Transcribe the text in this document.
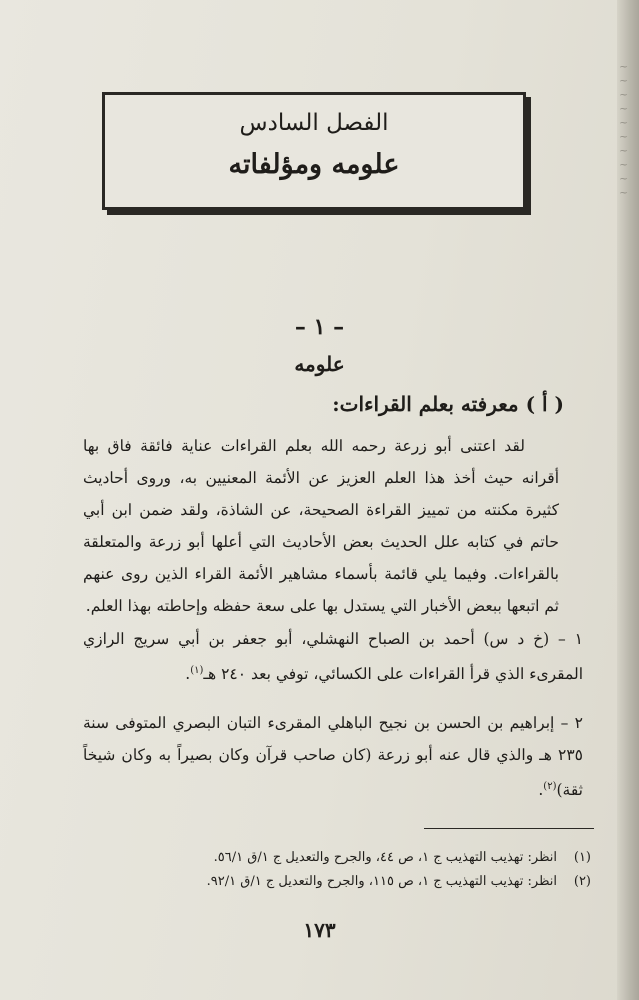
~ ~ ~
~ ~
~ ~ ~
~ ~
الفصل السادس
علومه ومؤلفاته
– ١ –
علومه
( أ ) معرفته بعلم القراءات:
لقد اعتنى أبو زرعة رحمه الله بعلم القراءات عناية فائقة فاق بها أقرانه حيث أخذ هذا العلم العزيز عن الأئمة المعنيين به، وروى أحاديث كثيرة مكنته من تمييز القراءة الصحيحة، عن الشاذة، ولقد ضمن ابن أبي حاتم في كتابه علل الحديث بعض الأحاديث التي أعلها أبو زرعة والمتعلقة بالقراءات. وفيما يلي قائمة بأسماء مشاهير الأئمة القراء الذين روى عنهم ثم اتبعها ببعض الأخبار التي يستدل بها على سعة حفظه وإحاطته بهذا العلم.
١ – (خ د س) أحمد بن الصباح النهشلي، أبو جعفر بن أبي سريج الرازي المقرىء الذي قرأ القراءات على الكسائي، توفي بعد ٢٤٠ هـ$^{(١)}$.
٢ – إبراهيم بن الحسن بن نجيح الباهلي المقرىء التبان البصري المتوفى سنة ٢٣٥ هـ والذي قال عنه أبو زرعة (كان صاحب قرآن وكان بصيراً به وكان شيخاً ثقة)$^{(٢)}$.
(١)انظر: تهذيب التهذيب ج ١، ص ٤٤، والجرح والتعديل ج ١/ق ٥٦/١.
(٢)انظر: تهذيب التهذيب ج ١، ص ١١٥، والجرح والتعديل ج ١/ق ٩٢/١.
١٧٣
